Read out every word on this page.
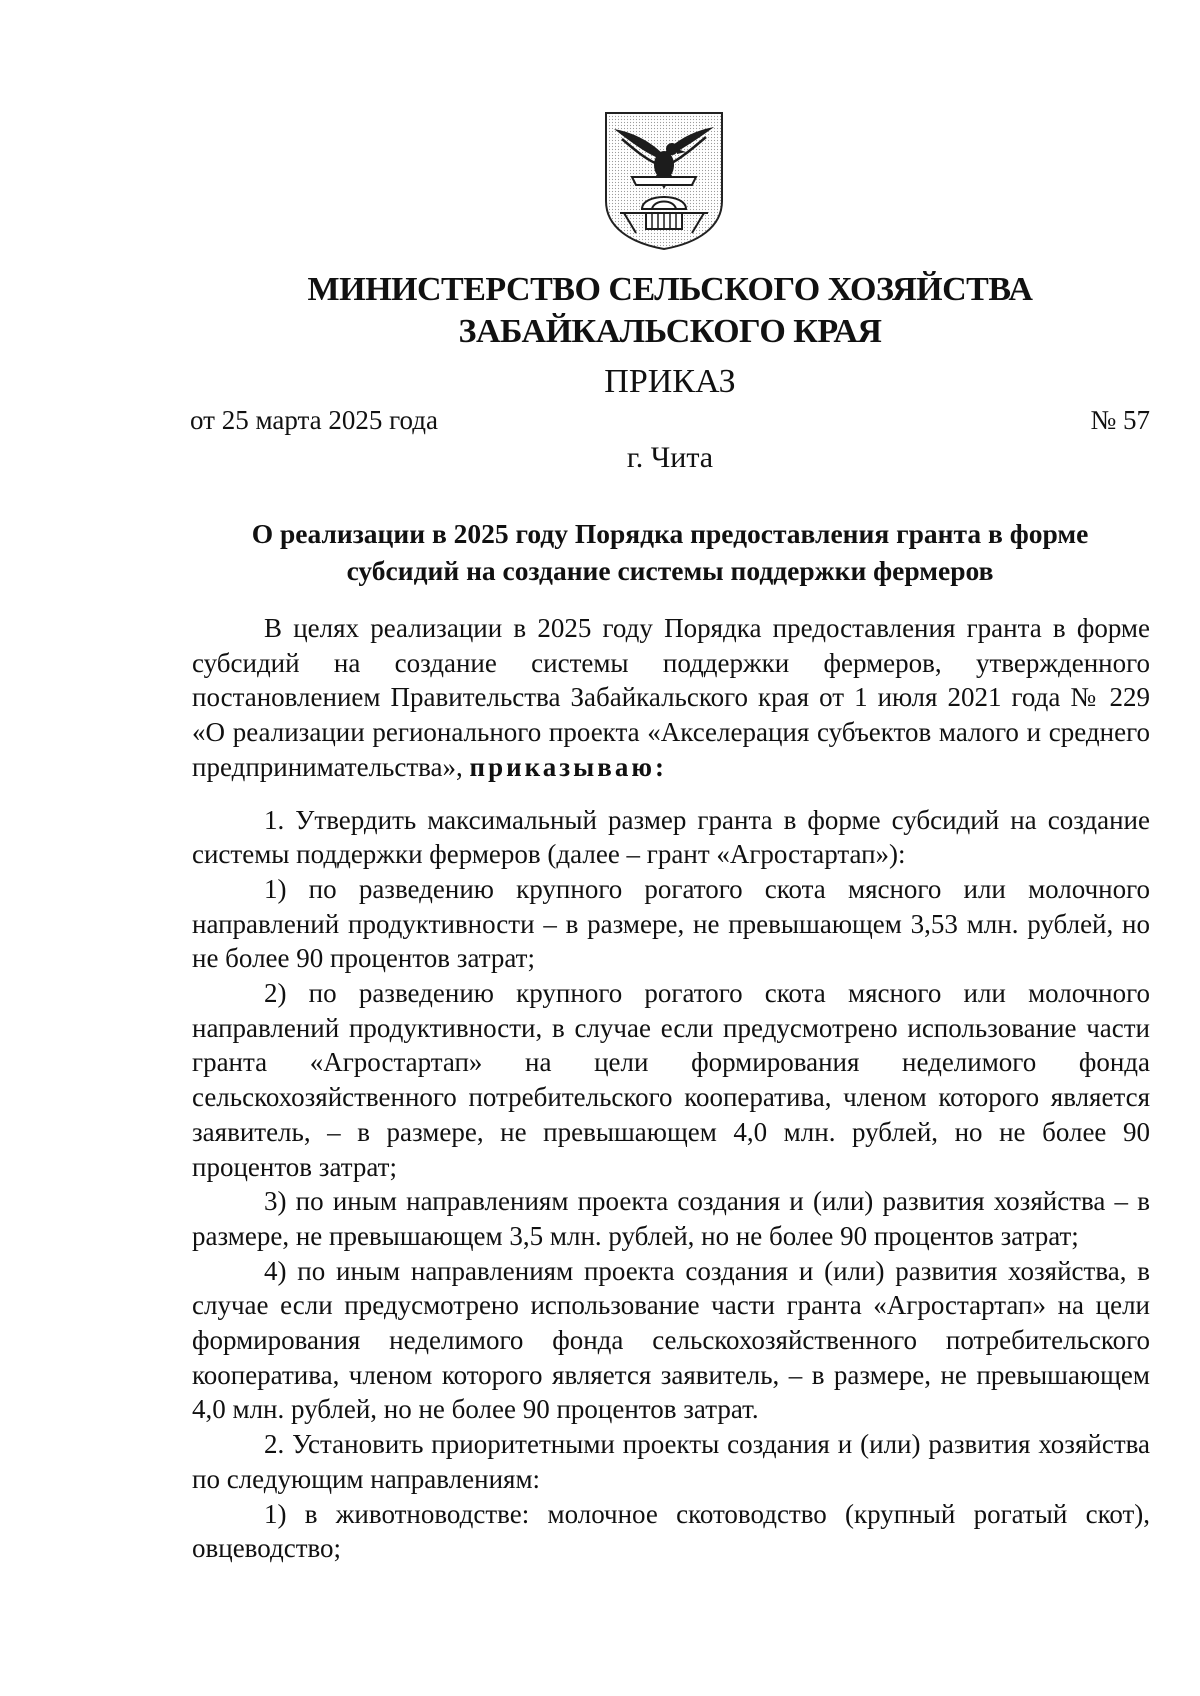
МИНИСТЕРСТВО СЕЛЬСКОГО ХОЗЯЙСТВА
ЗАБАЙКАЛЬСКОГО КРАЯ
ПРИКАЗ
от 25 марта 2025 года	№ 57
г. Чита
О реализации в 2025 году Порядка предоставления гранта в форме
субсидий на создание системы поддержки фермеров

В целях реализации в 2025 году Порядка предоставления гранта в форме субсидий на создание системы поддержки фермеров, утвержденного постановлением Правительства Забайкальского края от 1 июля 2021 года № 229 «О реализации регионального проекта «Акселерация субъектов малого и среднего предпринимательства», приказываю:

1. Утвердить максимальный размер гранта в форме субсидий на создание системы поддержки фермеров (далее – грант «Агростартап»):

1) по разведению крупного рогатого скота мясного или молочного направлений продуктивности – в размере, не превышающем 3,53 млн. рублей, но не более 90 процентов затрат;

2) по разведению крупного рогатого скота мясного или молочного направлений продуктивности, в случае если предусмотрено использование части гранта «Агростартап» на цели формирования неделимого фонда сельскохозяйственного потребительского кооператива, членом которого является заявитель, – в размере, не превышающем 4,0 млн. рублей, но не более 90 процентов затрат;

3) по иным направлениям проекта создания и (или) развития хозяйства – в размере, не превышающем 3,5 млн. рублей, но не более 90 процентов затрат;

4) по иным направлениям проекта создания и (или) развития хозяйства, в случае если предусмотрено использование части гранта «Агростартап» на цели формирования неделимого фонда сельскохозяйственного потребительского кооператива, членом которого является заявитель, – в размере, не превышающем 4,0 млн. рублей, но не более 90 процентов затрат.

2. Установить приоритетными проекты создания и (или) развития хозяйства по следующим направлениям:

1) в животноводстве: молочное скотоводство (крупный рогатый скот), овцеводство;
